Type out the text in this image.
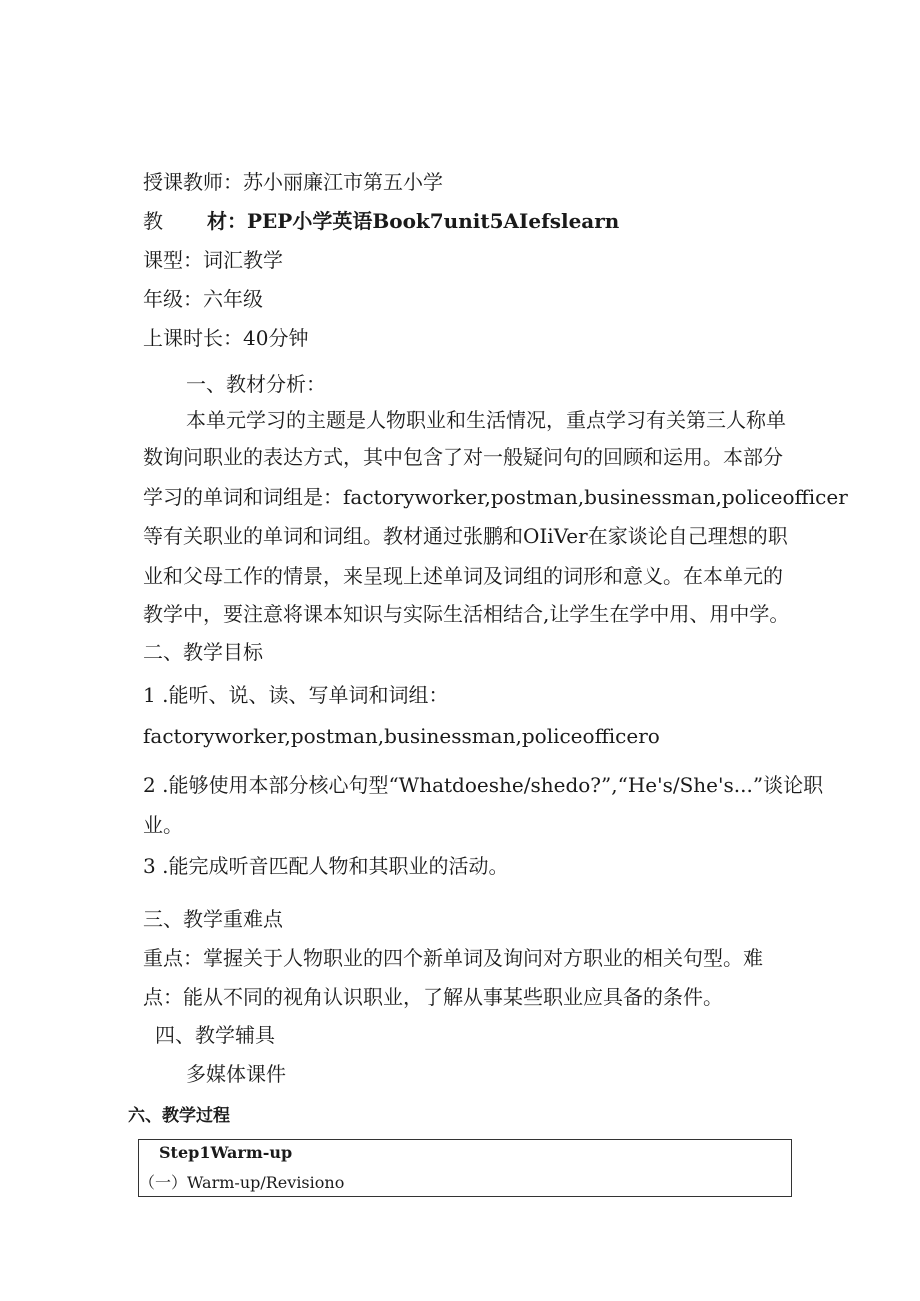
授课教师：苏小丽廉江市第五小学
教 材：PEP小学英语Book7unit5AIefslearn
课型：词汇教学
年级：六年级
上课时长：40分钟
一、教材分析：
本单元学习的主题是人物职业和生活情况，重点学习有关第三人称单
数询问职业的表达方式，其中包含了对一般疑问句的回顾和运用。本部分
学习的单词和词组是：factoryworker,postman,businessman,policeofficer
等有关职业的单词和词组。教材通过张鹏和OIiVer在家谈论自己理想的职
业和父母工作的情景，来呈现上述单词及词组的词形和意义。在本单元的
教学中，要注意将课本知识与实际生活相结合,让学生在学中用、用中学。
二、教学目标
1 .能听、说、读、写单词和词组：
factoryworker,postman,businessman,policeofficero
2 .能够使用本部分核心句型“Whatdoeshe/shedo?”,“He's/She's...”谈论职
业。
3 .能完成听音匹配人物和其职业的活动。
三、教学重难点
重点：掌握关于人物职业的四个新单词及询问对方职业的相关句型。难
点：能从不同的视角认识职业，了解从事某些职业应具备的条件。
四、教学辅具
多媒体课件
六、教学过程
Step1Warm-up
（一）Warm-up/Revisiono
